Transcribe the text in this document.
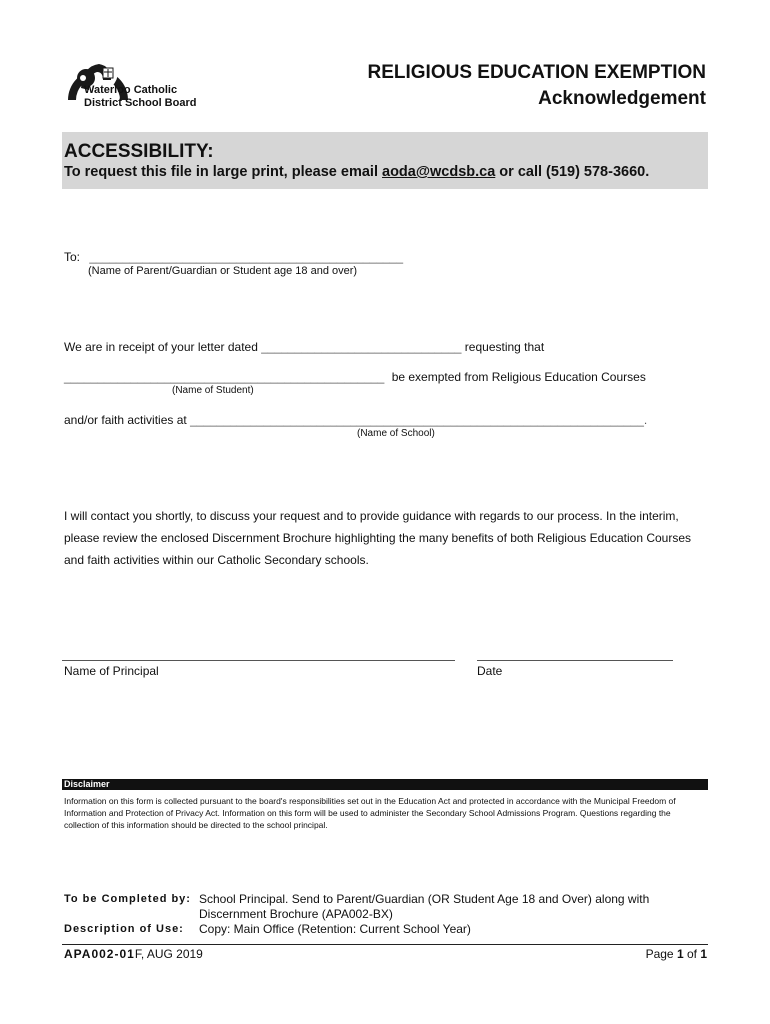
Waterloo Catholic
District School Board
RELIGIOUS EDUCATION EXEMPTION
Acknowledgement
ACCESSIBILITY:
To request this file in large print, please email aoda@wcdsb.ca or call (519) 578-3660.
To: _______________________________________________
(Name of Parent/Guardian or Student age 18 and over)
We are in receipt of your letter dated ______________________________ requesting that
________________________________________________ be exempted from Religious Education Courses
(Name of Student)
and/or faith activities at ____________________________________________________________________.
(Name of School)
I will contact you shortly, to discuss your request and to provide guidance with regards to our process. In the interim, please review the enclosed Discernment Brochure highlighting the many benefits of both Religious Education Courses and faith activities within our Catholic Secondary schools.
Name of Principal	Date
Disclaimer
Information on this form is collected pursuant to the board's responsibilities set out in the Education Act and protected in accordance with the Municipal Freedom of Information and Protection of Privacy Act. Information on this form will be used to administer the Secondary School Admissions Program. Questions regarding the collection of this information should be directed to the school principal.
To be Completed by: School Principal. Send to Parent/Guardian (OR Student Age 18 and Over) along with
Discernment Brochure (APA002-BX)
Description of Use: Copy: Main Office (Retention: Current School Year)
APA002-01F, AUG 2019	Page 1 of 1
